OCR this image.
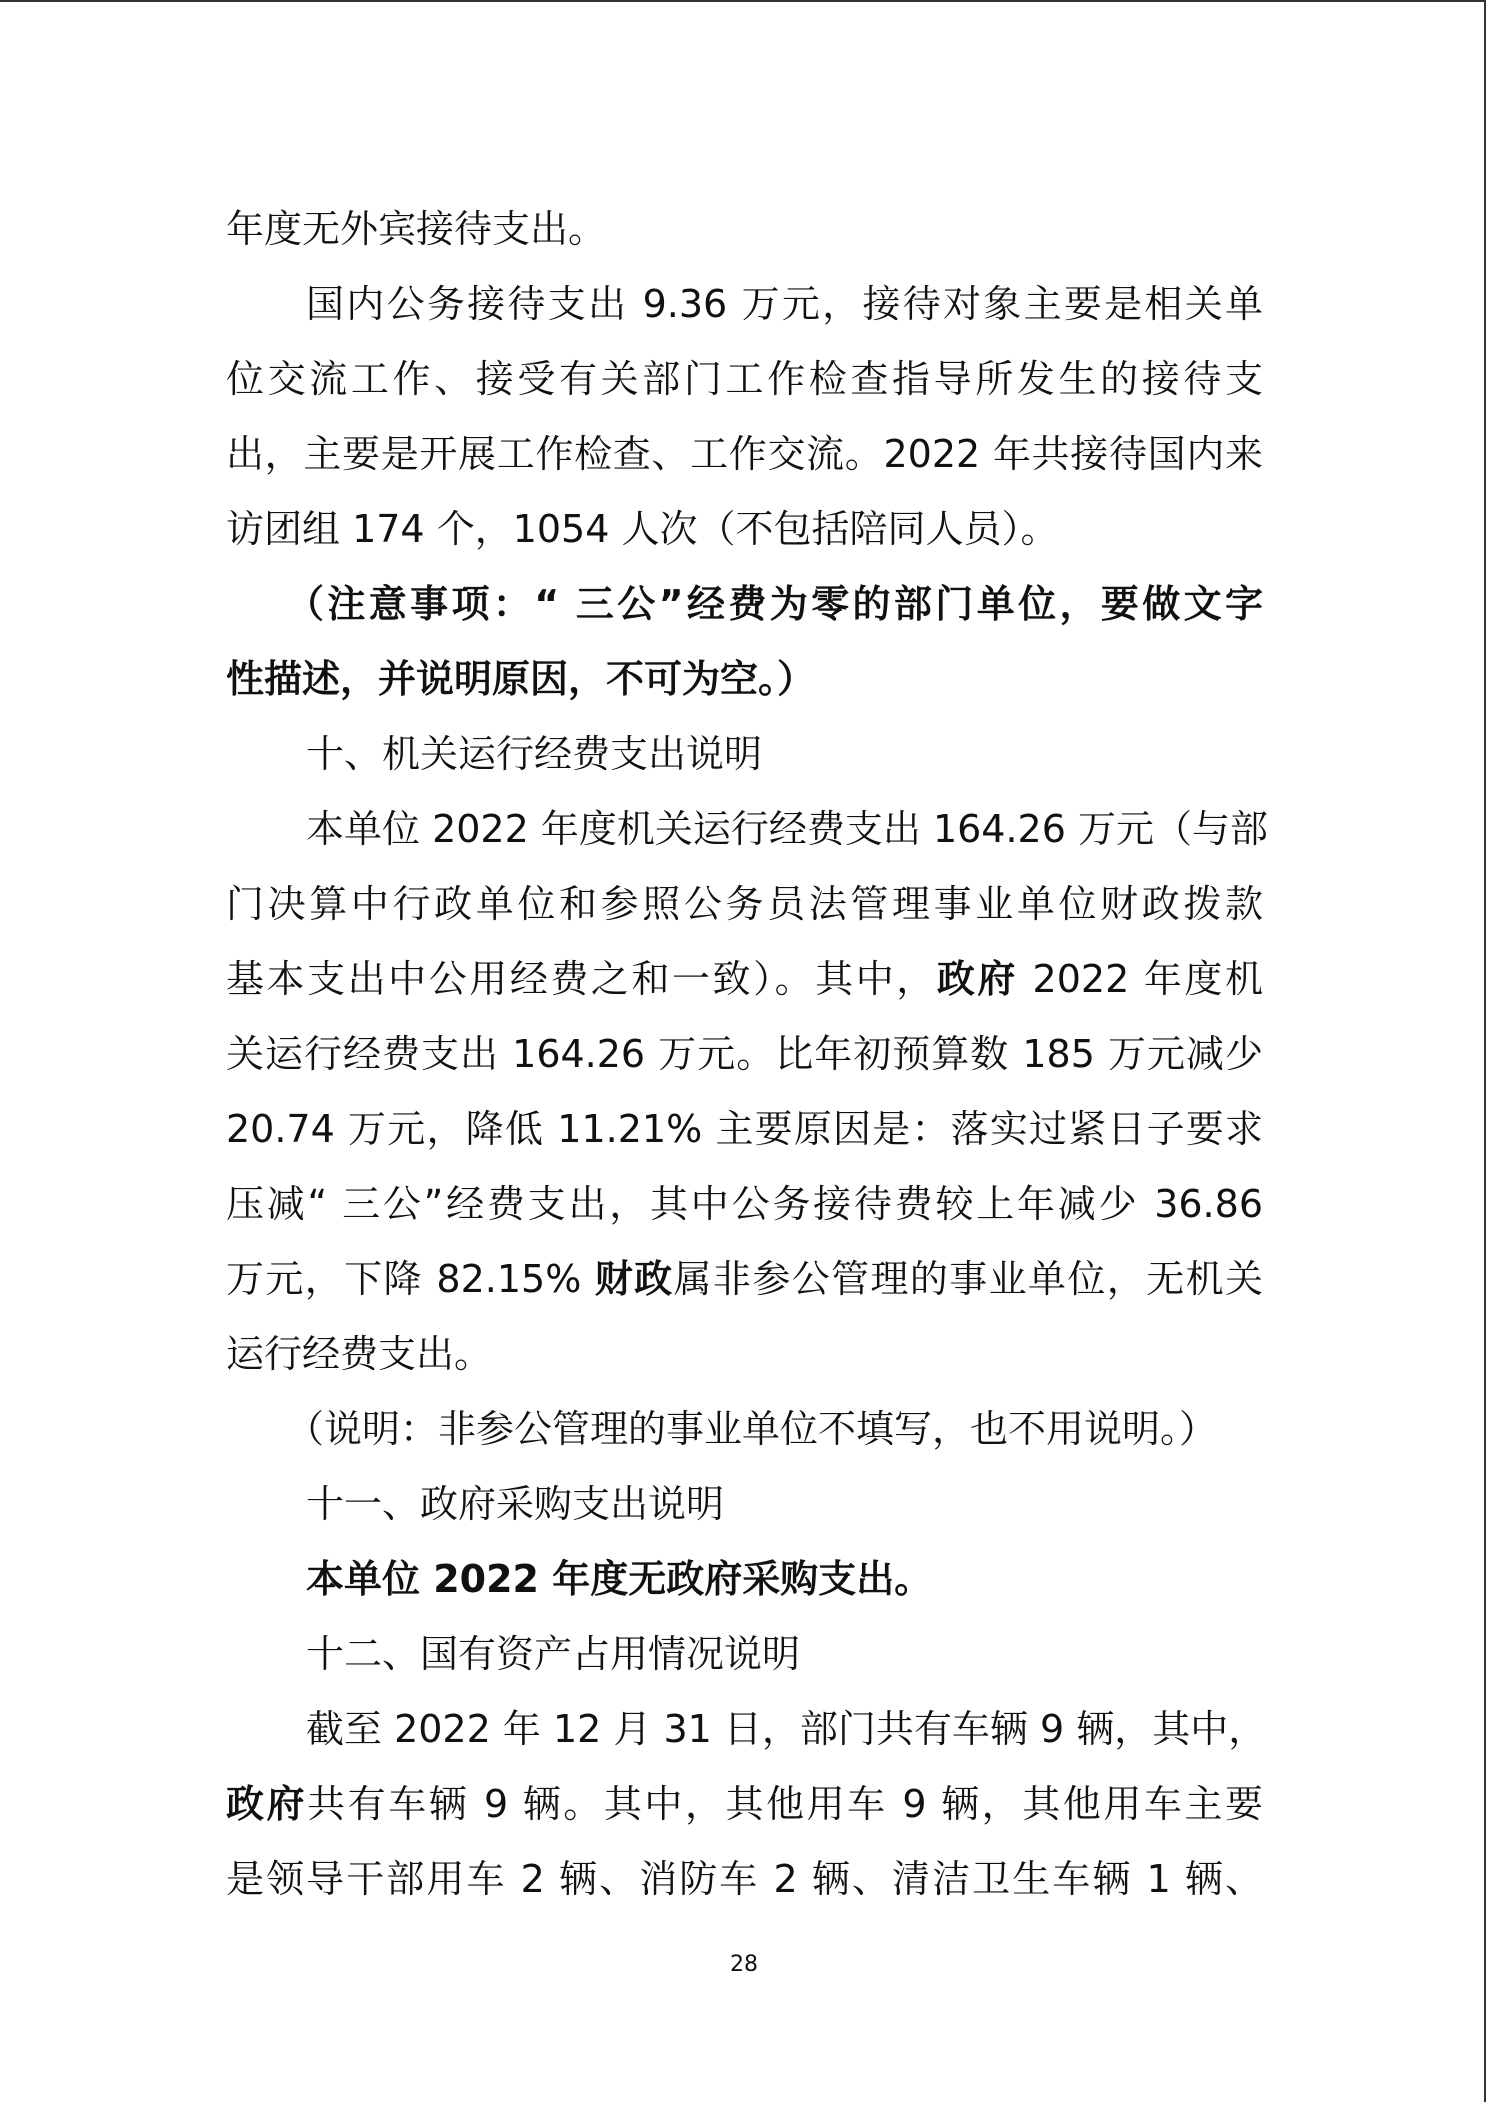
年度无外宾接待支出。
国内公务接待支出 9.36 万元，接待对象主要是相关单
位交流工作、接受有关部门工作检查指导所发生的接待支
出，主要是开展工作检查、工作交流。2022 年共接待国内来
访团组 174 个，1054 人次（不包括陪同人员）。
（注意事项：“ 三公”经费为零的部门单位，要做文字
性描述，并说明原因，不可为空。）
十、机关运行经费支出说明
本单位 2022 年度机关运行经费支出 164.26 万元（与部
门决算中行政单位和参照公务员法管理事业单位财政拨款
基本支出中公用经费之和一致）。其中，政府 2022 年度机
关运行经费支出 164.26 万元。比年初预算数 185 万元减少
20.74 万元，降低 11.21% 主要原因是：落实过紧日子要求
压减“ 三公”经费支出，其中公务接待费较上年减少 36.86
万元，下降 82.15% 财政属非参公管理的事业单位，无机关
运行经费支出。
（说明：非参公管理的事业单位不填写，也不用说明。）
十一、政府采购支出说明
本单位 2022 年度无政府采购支出。
十二、国有资产占用情况说明
截至 2022 年 12 月 31 日，部门共有车辆 9 辆，其中，
政府共有车辆 9 辆。其中，其他用车 9 辆，其他用车主要
是领导干部用车 2 辆、消防车 2 辆、清洁卫生车辆 1 辆、
28
